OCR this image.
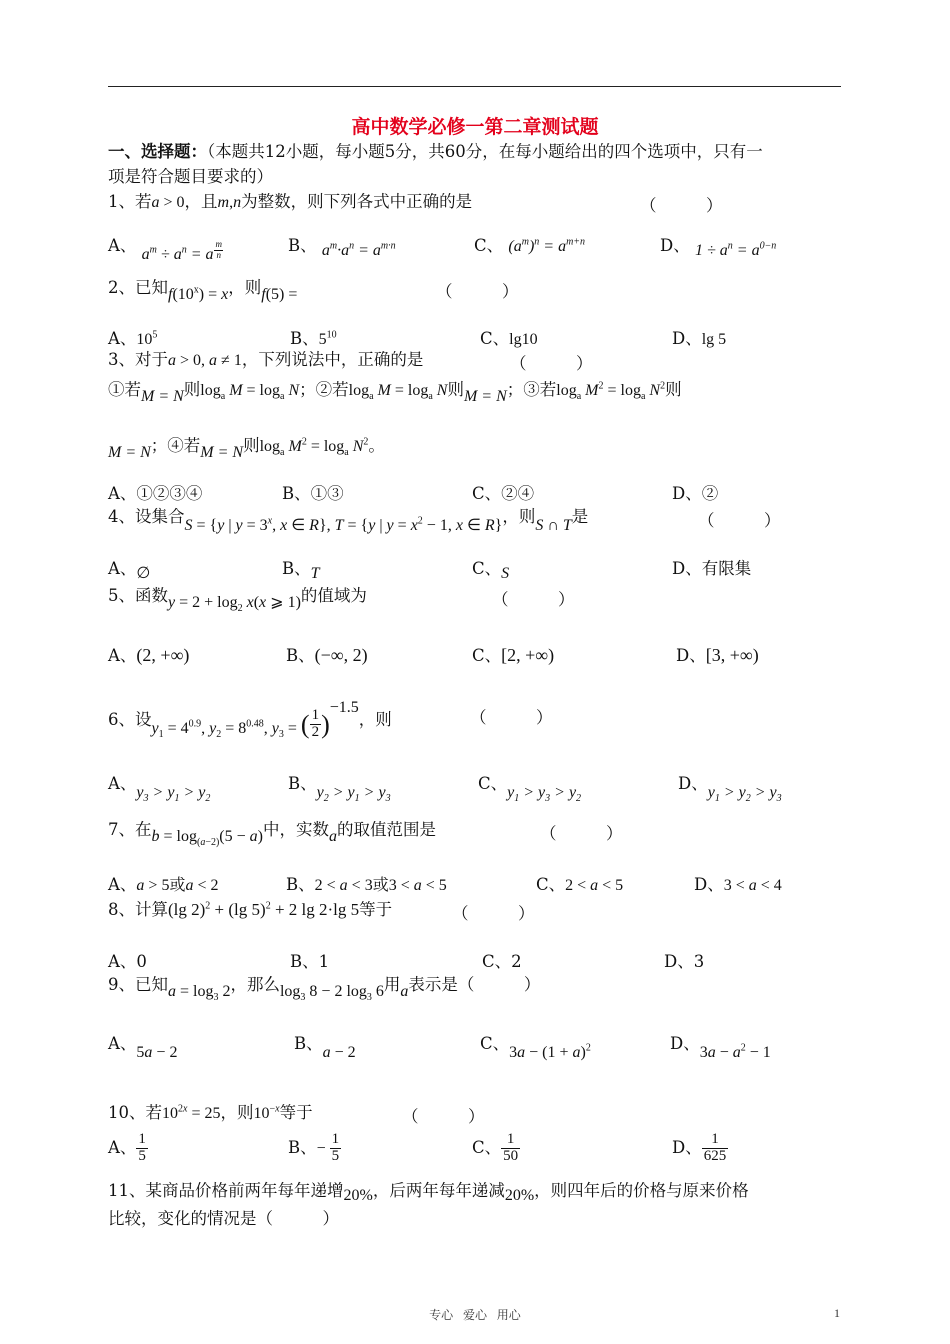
高中数学必修一第二章测试题
一、选择题：（本题共12小题，每小题5分，共60分，在每小题给出的四个选项中，只有一
项是符合题目要求的）
1、若a > 0，且m,n为整数，则下列各式中正确的是	（　　　）
A、 $a^m \div a^n = a$ $^{\frac{m}{n}}$	B、 $a^m\cdot a^n = a^{m\cdot n}$	C、 $(a^m)^n = a^{m+n}$	D、 $1 \div a^n = a^{0-n}$
2、已知$f(10^x) = x$，则f(5) =	（　　　）
A、$10^5$	B、$5^{10}$	C、lg10	D、lg 5
3、对于a > 0, a ≠ 1，下列说法中，正确的是	（　　　）
①若M = N则$\log_a M = \log_a N$；②若$\log_a M = \log_a N$则M = N；③若$\log_a M^2 = \log_a N^2$则
M = N；④若M = N则$\log_a M^2 = \log_a N^2$。
A、①②③④	B、①③	C、②④	D、②
4、设集合S = {y | $y = 3^x$, x ∈ R}, T = {y | $y = x^2 - 1$, x ∈ R}，则S ∩ T是	（　　　）
A、∅	B、T	C、S	D、有限集
5、函数$y = 2 + \log_2 x(x$ ⩾ 1)的值域为	（　　　）
A、(2, +∞)	B、(−∞, 2)	C、[2, +∞)	D、[3, +∞)
6、设$y_1 = 4^{0.9}$, $y_2 = 8^{0.48}$, $y_3$ = ( $\frac{1}{2} )^{-1.5}$，则	（　　　）
A、$y_3 > y_1 > y_2$
B、$y_2 > y_1 > y_3$
C、$y_1 > y_3 > y_2$
D、$y_1 > y_2 > y_3$
7、在$b = \log_{(a-2)}(5 - a)$中，实数a的取值范围是	（　　　）
A、a > 5或a < 2	B、2 < a < 3或3 < a < 5	C、2 < a < 5	D、3 < a < 4
8、计算(lg 2)$^2$ + (lg 5)$^2$ + 2 lg 2·lg 5等于	（　　　）
A、0	B、1	C、2	D、3
9、已知$a = \log_3 2$，那么$\log_3 8 - 2$ $\log_3 6$用a表示是（　　　）
A、5a − 2	B、a − 2	C、$3a - (1 + a)^2$	D、$3a - a^2 - 1$
10、若$10^{2x} = 25$，则$10^{-x}$等于	（　　　）
A、 $\frac{1}{5}$	B、− $\frac{1}{5}$	C、 $\frac{1}{50}$	D、 $\frac{1}{625}$
11、某商品价格前两年每年递增20%，后两年每年递减20%，则四年后的价格与原来价格
比较，变化的情况是（　　　）
专心 爱心 用心	1
